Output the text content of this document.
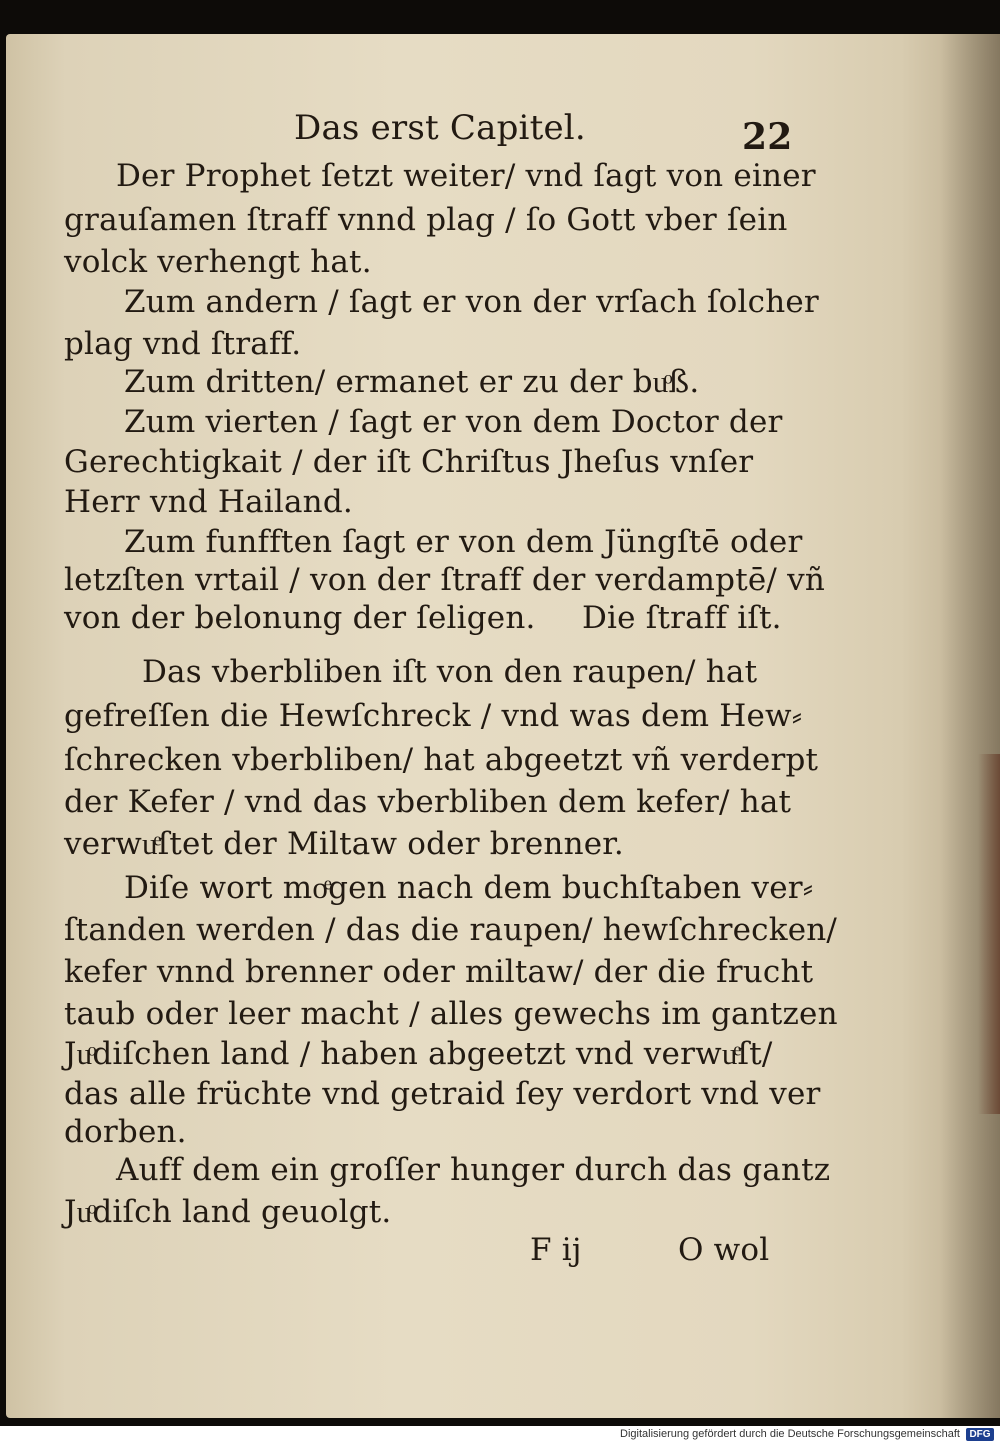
Das erst Capitel.	22
Der Prophet ſetzt weiter/ vnd ſagt von einer
grauſamen ſtraff vnnd plag / ſo Gott vber ſein
volck verhengt hat.
Zum andern / ſagt er von der vrſach ſolcher
plag vnd ſtraff.
Zum dritten/ ermanet er zu der buͦß.
Zum vierten / ſagt er von dem Doctor der
Gerechtigkait / der iſt Chriſtus Jheſus vnſer
Herr vnd Hailand.
Zum funfften ſagt er von dem Jüngſtē oder
letzſten vrtail / von der ſtraff der verdamptē/ vñ
von der belonung der ſeligen. Die ſtraff iſt.
Das vberbliben iſt von den raupen/ hat
gefreſſen die Hewſchreck / vnd was dem Hew⸗
ſchrecken vberbliben/ hat abgeetzt vñ verderpt
der Kefer / vnd das vberbliben dem kefer/ hat
verwuͤſtet der Miltaw oder brenner.
Diſe wort moͤgen nach dem buchſtaben ver⸗
ſtanden werden / das die raupen/ hewſchrecken/
kefer vnnd brenner oder miltaw/ der die frucht
taub oder leer macht / alles gewechs im gantzen
Juͦdiſchen land / haben abgeetzt vnd verwuͤſt/
das alle früchte vnd getraid ſey verdort vnd ver
dorben.
Auff dem ein groſſer hunger durch das gantz
Juͦdiſch land geuolgt.
F ij	O wol
Digitalisierung gefördert durch die Deutsche Forschungsgemeinschaft DFG
